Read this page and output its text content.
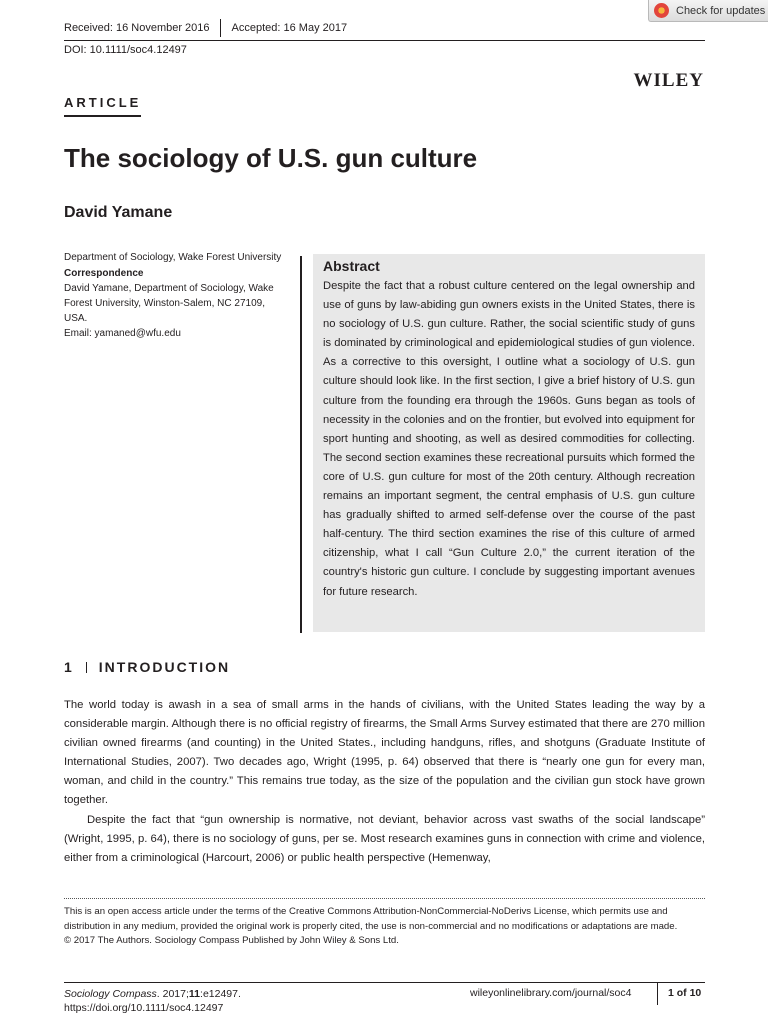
Check for updates
Received: 16 November 2016	Accepted: 16 May 2017
DOI: 10.1111/soc4.12497
WILEY
ARTICLE
The sociology of U.S. gun culture
David Yamane
Department of Sociology, Wake Forest University
Correspondence
David Yamane, Department of Sociology, Wake Forest University, Winston-Salem, NC 27109, USA.
Email: yamaned@wfu.edu
Abstract

Despite the fact that a robust culture centered on the legal ownership and use of guns by law-abiding gun owners exists in the United States, there is no sociology of U.S. gun culture. Rather, the social scientific study of guns is dominated by criminological and epidemiological studies of gun violence. As a corrective to this oversight, I outline what a sociology of U.S. gun culture should look like. In the first section, I give a brief history of U.S. gun culture from the founding era through the 1960s. Guns began as tools of necessity in the colonies and on the frontier, but evolved into equipment for sport hunting and shooting, as well as desired commodities for collecting. The second section examines these recreational pursuits which formed the core of U.S. gun culture for most of the 20th century. Although recreation remains an important segment, the central emphasis of U.S. gun culture has gradually shifted to armed self-defense over the course of the past half-century. The third section examines the rise of this culture of armed citizenship, what I call “Gun Culture 2.0,” the current iteration of the country's historic gun culture. I conclude by suggesting important avenues for future research.

1 INTRODUCTION

The world today is awash in a sea of small arms in the hands of civilians, with the United States leading the way by a considerable margin. Although there is no official registry of firearms, the Small Arms Survey estimated that there are 270 million civilian owned firearms (and counting) in the United States., including handguns, rifles, and shotguns (Graduate Institute of International Studies, 2007). Two decades ago, Wright (1995, p. 64) observed that there is “nearly one gun for every man, woman, and child in the country.” This remains true today, as the size of the population and the civilian gun stock have grown together.

Despite the fact that “gun ownership is normative, not deviant, behavior across vast swaths of the social landscape” (Wright, 1995, p. 64), there is no sociology of guns, per se. Most research examines guns in connection with crime and violence, either from a criminological (Harcourt, 2006) or public health perspective (Hemenway,

This is an open access article under the terms of the Creative Commons Attribution-NonCommercial-NoDerivs License, which permits use and distribution in any medium, provided the original work is properly cited, the use is non-commercial and no modifications or adaptations are made.
© 2017 The Authors. Sociology Compass Published by John Wiley & Sons Ltd.
Sociology Compass. 2017;11:e12497.
https://doi.org/10.1111/soc4.12497
wileyonlinelibrary.com/journal/soc4	1 of 10
